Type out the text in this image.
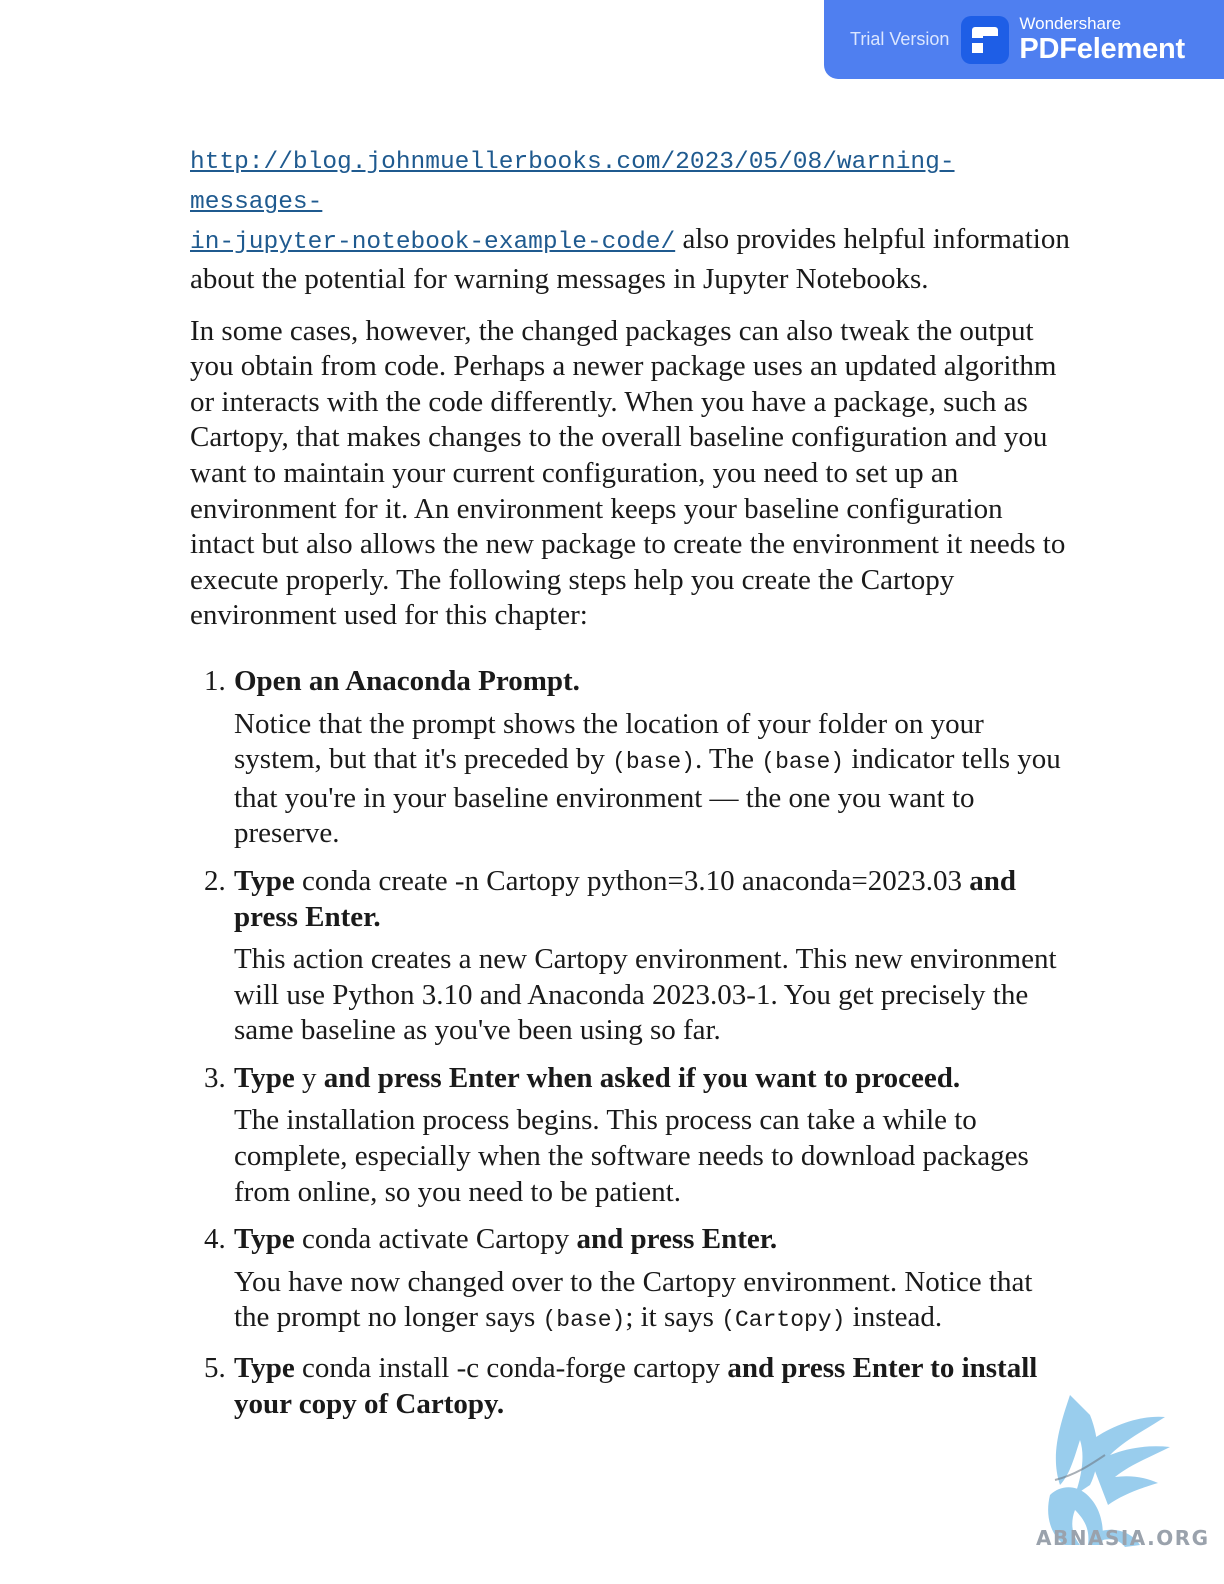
Trial Version
Wondershare
PDFelement

http://blog.johnmuellerbooks.com/2023/05/08/warning-messages-
in-jupyter-notebook-example-code/ also provides helpful information about the potential for warning messages in Jupyter Notebooks.

In some cases, however, the changed packages can also tweak the output you obtain from code. Perhaps a newer package uses an updated algorithm or interacts with the code differently. When you have a package, such as Cartopy, that makes changes to the overall baseline configuration and you want to maintain your current configuration, you need to set up an environment for it. An environment keeps your baseline configuration intact but also allows the new package to create the environment it needs to execute properly. The following steps help you create the Cartopy environment used for this chapter:

1. Open an Anaconda Prompt.
Notice that the prompt shows the location of your folder on your system, but that it's preceded by (base). The (base) indicator tells you that you're in your baseline environment — the one you want to preserve.
2. Type conda create -n Cartopy python=3.10 anaconda=2023.03 and press Enter.
This action creates a new Cartopy environment. This new environment will use Python 3.10 and Anaconda 2023.03-1. You get precisely the same baseline as you've been using so far.
3. Type y and press Enter when asked if you want to proceed.
The installation process begins. This process can take a while to complete, especially when the software needs to download packages from online, so you need to be patient.
4. Type conda activate Cartopy and press Enter.
You have now changed over to the Cartopy environment. Notice that the prompt no longer says (base); it says (Cartopy) instead.
5. Type conda install -c conda-forge cartopy and press Enter to install your copy of Cartopy.
ABNASIA.ORG
